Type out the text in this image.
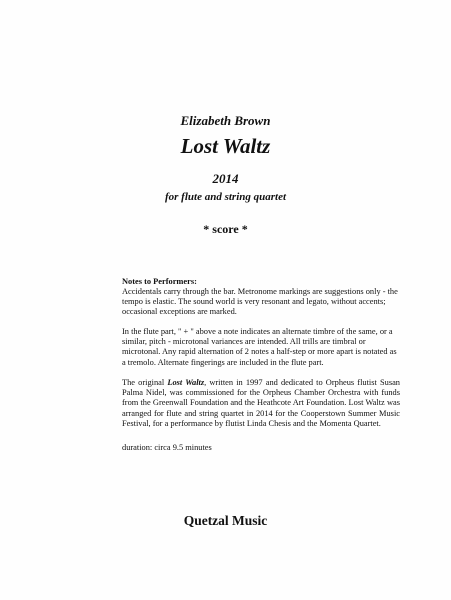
Elizabeth Brown
Lost Waltz
2014
for flute and string quartet
* score *
Notes to Performers:
Accidentals carry through the bar. Metronome markings are suggestions only - the tempo is elastic. The sound world is very resonant and legato, without accents; occasional exceptions are marked.
In the flute part, " + " above a note indicates an alternate timbre of the same, or a similar, pitch - microtonal variances are intended. All trills are timbral or microtonal. Any rapid alternation of 2 notes a half-step or more apart is notated as a tremolo. Alternate fingerings are included in the flute part.
The original Lost Waltz, written in 1997 and dedicated to Orpheus flutist Susan Palma Nidel, was commissioned for the Orpheus Chamber Orchestra with funds from the Greenwall Foundation and the Heathcote Art Foundation. Lost Waltz was arranged for flute and string quartet in 2014 for the Cooperstown Summer Music Festival, for a performance by flutist Linda Chesis and the Momenta Quartet.
duration: circa 9.5 minutes
Quetzal Music
